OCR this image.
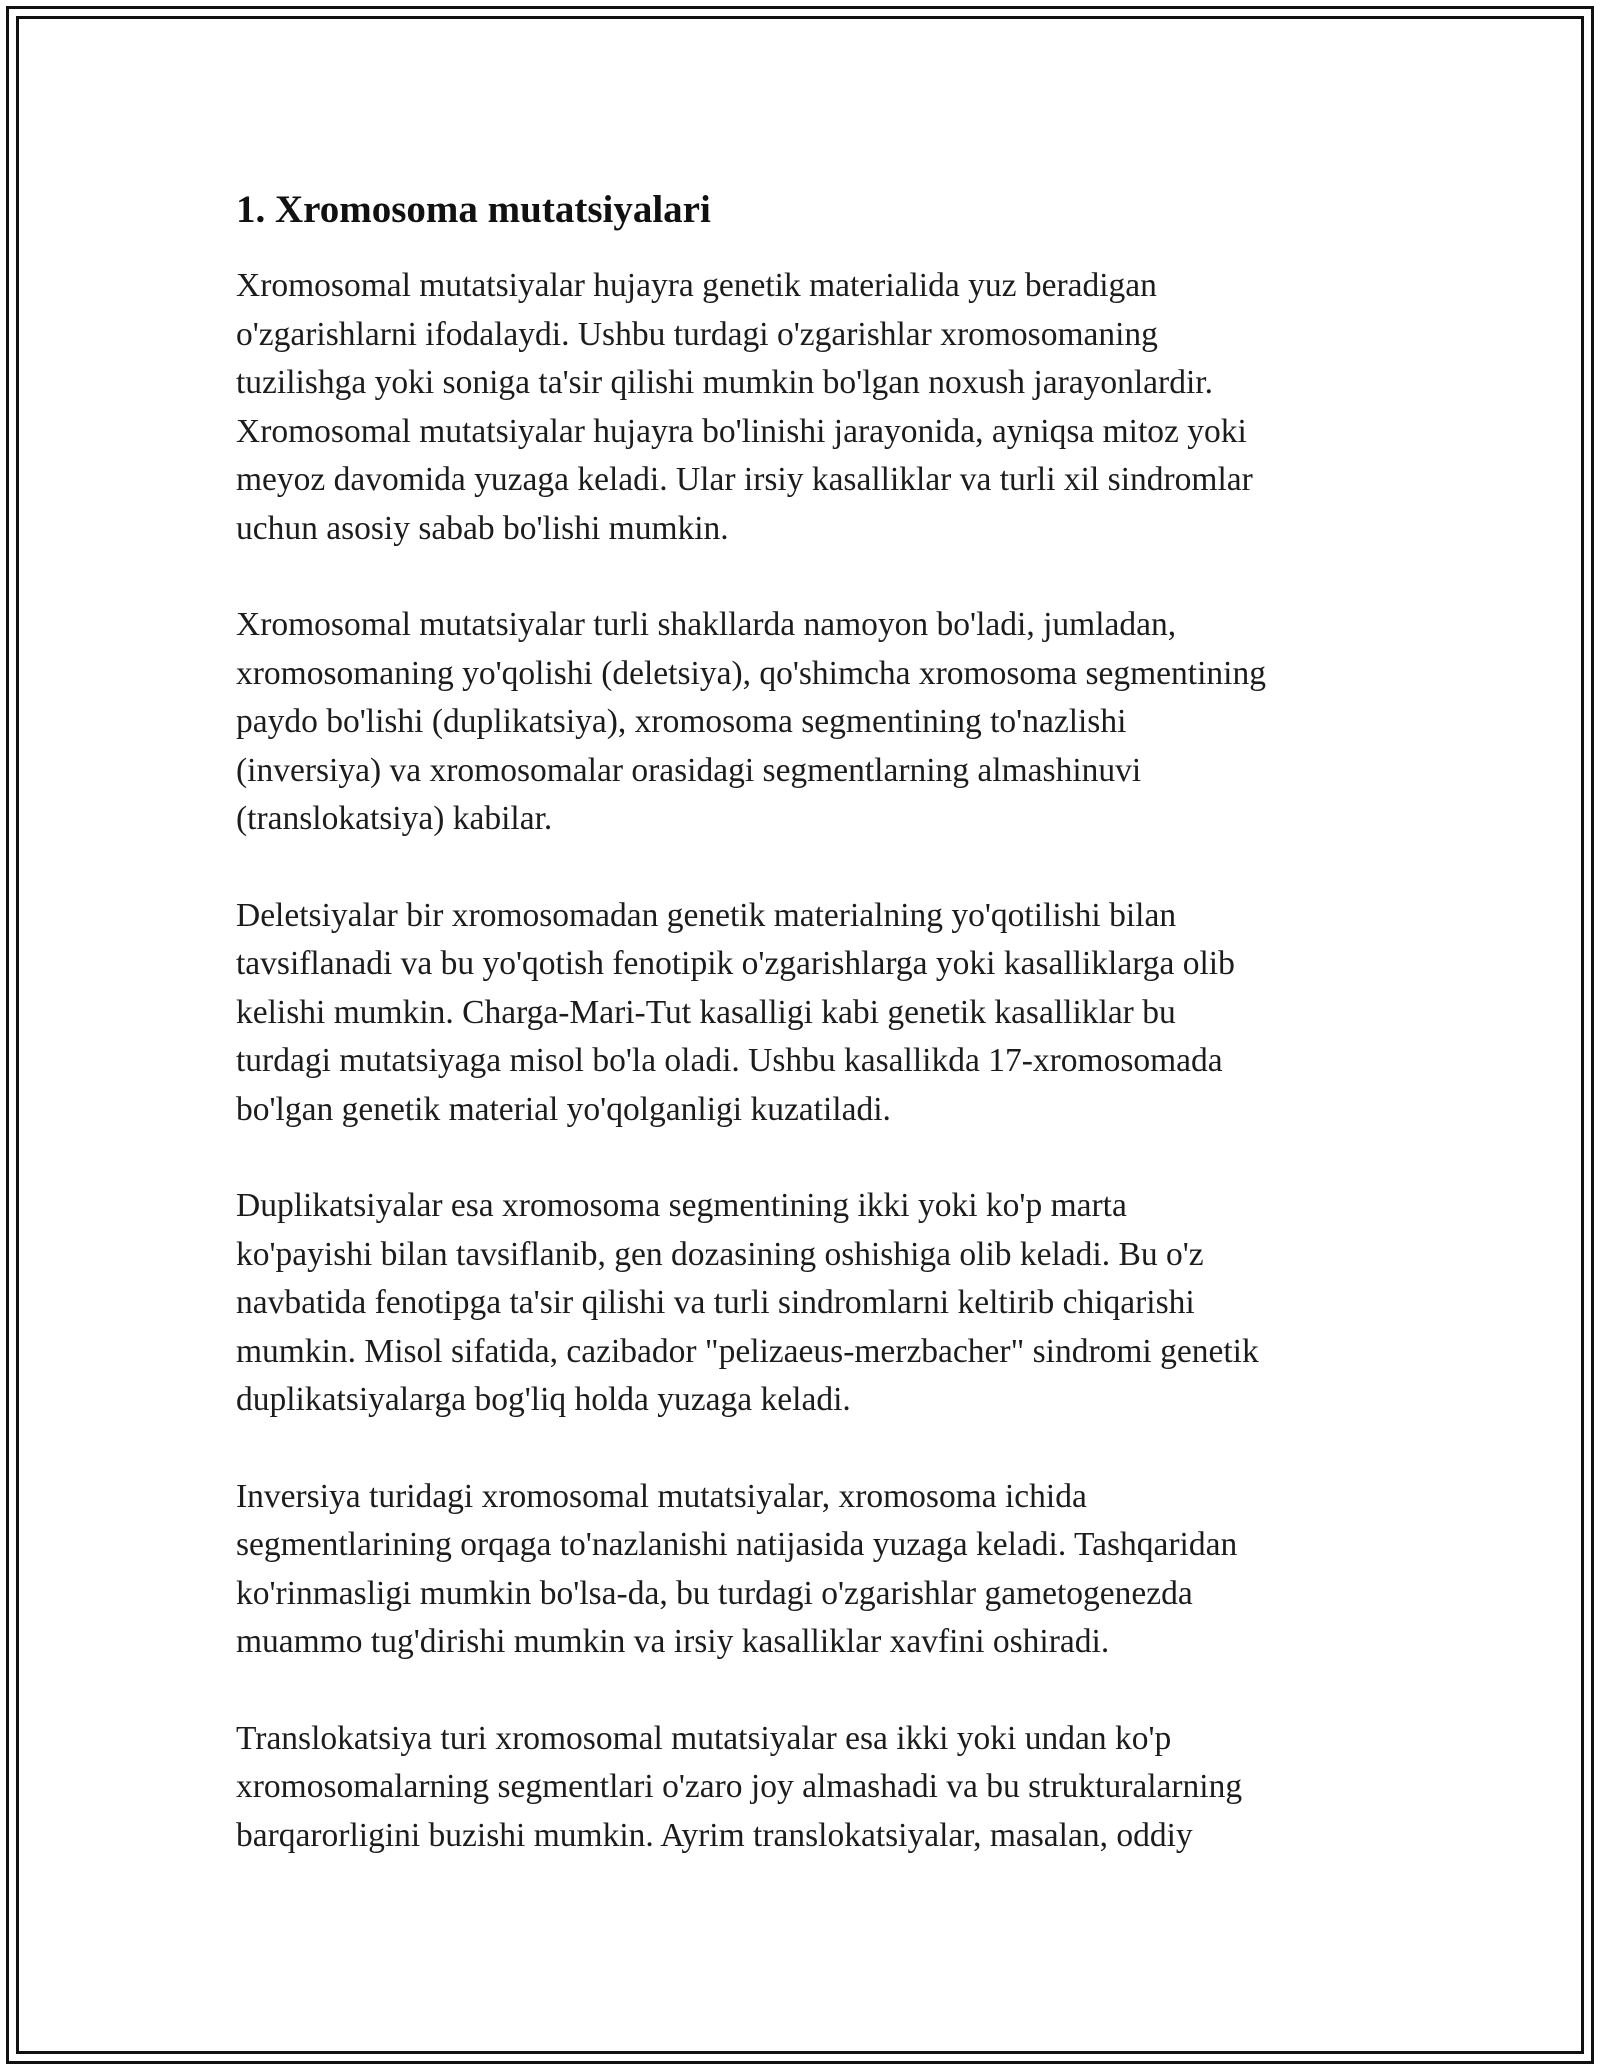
1. Xromosoma mutatsiyalari

Xromosomal mutatsiyalar hujayra genetik materialida yuz beradigan
o'zgarishlarni ifodalaydi. Ushbu turdagi o'zgarishlar xromosomaning
tuzilishga yoki soniga ta'sir qilishi mumkin bo'lgan noxush jarayonlardir.
Xromosomal mutatsiyalar hujayra bo'linishi jarayonida, ayniqsa mitoz yoki
meyoz davomida yuzaga keladi. Ular irsiy kasalliklar va turli xil sindromlar
uchun asosiy sabab bo'lishi mumkin.

Xromosomal mutatsiyalar turli shakllarda namoyon bo'ladi, jumladan,
xromosomaning yo'qolishi (deletsiya), qo'shimcha xromosoma segmentining
paydo bo'lishi (duplikatsiya), xromosoma segmentining to'nazlishi
(inversiya) va xromosomalar orasidagi segmentlarning almashinuvi
(translokatsiya) kabilar.

Deletsiyalar bir xromosomadan genetik materialning yo'qotilishi bilan
tavsiflanadi va bu yo'qotish fenotipik o'zgarishlarga yoki kasalliklarga olib
kelishi mumkin. Charga-Mari-Tut kasalligi kabi genetik kasalliklar bu
turdagi mutatsiyaga misol bo'la oladi. Ushbu kasallikda 17-xromosomada
bo'lgan genetik material yo'qolganligi kuzatiladi.

Duplikatsiyalar esa xromosoma segmentining ikki yoki ko'p marta
ko'payishi bilan tavsiflanib, gen dozasining oshishiga olib keladi. Bu o'z
navbatida fenotipga ta'sir qilishi va turli sindromlarni keltirib chiqarishi
mumkin. Misol sifatida, cazibador "pelizaeus-merzbacher" sindromi genetik
duplikatsiyalarga bog'liq holda yuzaga keladi.

Inversiya turidagi xromosomal mutatsiyalar, xromosoma ichida
segmentlarining orqaga to'nazlanishi natijasida yuzaga keladi. Tashqaridan
ko'rinmasligi mumkin bo'lsa-da, bu turdagi o'zgarishlar gametogenezda
muammo tug'dirishi mumkin va irsiy kasalliklar xavfini oshiradi.

Translokatsiya turi xromosomal mutatsiyalar esa ikki yoki undan ko'p
xromosomalarning segmentlari o'zaro joy almashadi va bu strukturalarning
barqarorligini buzishi mumkin. Ayrim translokatsiyalar, masalan, oddiy
